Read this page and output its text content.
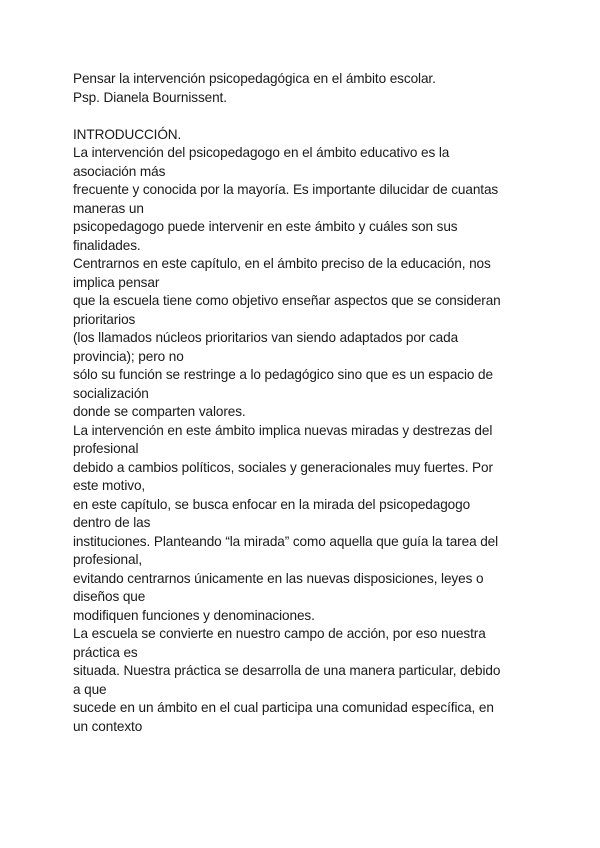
Pensar la intervención psicopedagógica en el ámbito escolar.
Psp. Dianela Bournissent.
INTRODUCCIÓN.
La intervención del psicopedagogo en el ámbito educativo es la
asociación más
frecuente y conocida por la mayoría. Es importante dilucidar de cuantas
maneras un
psicopedagogo puede intervenir en este ámbito y cuáles son sus
finalidades.
Centrarnos en este capítulo, en el ámbito preciso de la educación, nos
implica pensar
que la escuela tiene como objetivo enseñar aspectos que se consideran
prioritarios
(los llamados núcleos prioritarios van siendo adaptados por cada
provincia); pero no
sólo su función se restringe a lo pedagógico sino que es un espacio de
socialización
donde se comparten valores.
La intervención en este ámbito implica nuevas miradas y destrezas del
profesional
debido a cambios políticos, sociales y generacionales muy fuertes. Por
este motivo,
en este capítulo, se busca enfocar en la mirada del psicopedagogo
dentro de las
instituciones. Planteando “la mirada” como aquella que guía la tarea del
profesional,
evitando centrarnos únicamente en las nuevas disposiciones, leyes o
diseños que
modifiquen funciones y denominaciones.
La escuela se convierte en nuestro campo de acción, por eso nuestra
práctica es
situada. Nuestra práctica se desarrolla de una manera particular, debido
a que
sucede en un ámbito en el cual participa una comunidad específica, en
un contexto
